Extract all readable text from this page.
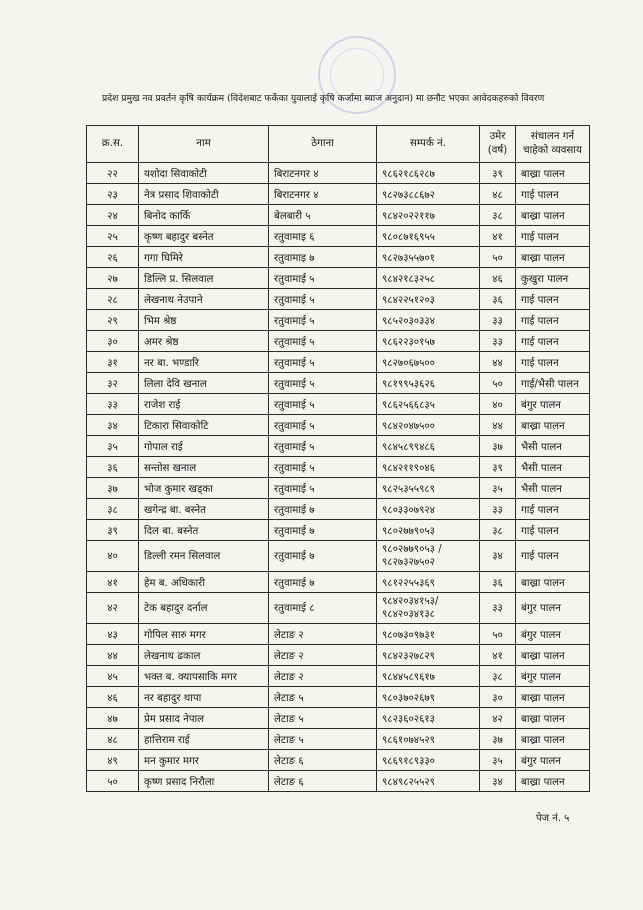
प्रदेश प्रमुख नव प्रवर्तन कृषि कार्यक्रम (विदेशबाट फर्केका युवालाई कृषि कर्जामा ब्याज अनुदान) मा छनौट भएका आवेदकहरुको विवरण
क्र.स.	नाम	ठेगाना	सम्पर्क नं.	उमेर (वर्ष)	संचालन गर्न चाहेको व्यवसाय
२२	यशोदा सिवाकोटी	बिराटनगर ४	९८६२१८६२८७	३९	बाख्रा पालन
२३	नेत्र प्रसाद शिवाकोटी	बिराटनगर ४	९८२७३८८६७२	४८	गाई पालन
२४	बिनोद कार्कि	बेलबारी ५	९८४२०२२११७	३८	बाख्रा पालन
२५	कृष्ण बहादुर बस्नेत	रतुवामाइ ६	९८०८७१६९५५	४१	गाई पालन
२६	गगा घिमिरे	रतुवामाइ ७	९८२७३५५७०१	५०	बाख्रा पालन
२७	डिल्लि प्र. सिलवाल	रतुवामाई ५	९८४२१८३२५८	४६	कुखुरा पालन
२८	लेखनाथ नेउपाने	रतुवामाई ५	९८४२२५१२०३	३६	गाई पालन
२९	भिम श्रेष्ठ	रतुवामाई ५	९८५२०३०३३४	३३	गाई पालन
३०	अमर श्रेष्ठ	रतुवामाई ५	९८६२२३०१५७	३३	गाई पालन
३१	नर बा. भण्डारि	रतुवामाई ५	९८२७०६७५००	४४	गाई पालन
३२	लिला देवि खनाल	रतुवामाई ५	९८१९९५३६२६	५०	गाई/भैसी पालन
३३	राजेश राई	रतुवामाई ५	९८६२५६६८३५	४०	बंगुर पालन
३४	टिकारा सिवाकोटि	रतुवामाई ५	९८४२०४७५००	४४	बाख्रा पालन
३५	गोपाल राई	रतुवामाई ५	९८४५८९९४८६	३७	भैसी पालन
३६	सन्तोस खनाल	रतुवामाई ५	९८४२११९०४६	३९	भैसी पालन
३७	भोज कुमार खड्का	रतुवामाई ५	९८२५३५५९८९	३५	भैसी पालन
३८	खगेन्द्र बा. बस्नेत	रतुवामाई ७	९८०३३०७९२४	३३	गाई पालन
३९	दिल बा. बस्नेत	रतुवामाई ७	९८०२७७९०५३	३८	गाई पालन
४०	डिल्ली रमन सिलवाल	रतुवामाई ७	९८०२७७९०५३ /९८२७३२७५०२	३४	गाई पालन
४१	हेम ब. अधिकारी	रतुवामाई ७	९८१२२५५३६९	३६	बाख्रा पालन
४२	टेक बहादुर दर्नाल	रतुवामाई ८	९८४२०३४१५३/ ९८४२०३४१३८	३३	बंगुर पालन
४३	गोपिल सारु मगर	लेटाङ २	९८०७३०९७३१	५०	बंगुर पालन
४४	लेखनाथ ढकाल	लेटाङ २	९८४२३२७८२९	४१	बाख्रा पालन
४५	भक्त ब. क्यापसाकि मगर	लेटाङ २	९८४४५८९६१७	३८	बंगुर पालन
४६	नर बहादुर थापा	लेटाङ ५	९८०३७०२६७९	३०	बाख्रा पालन
४७	प्रेम प्रसाद नेपाल	लेटाङ ५	९८२३६०२६१३	४२	बाख्रा पालन
४८	हात्तिराम राई	लेटाङ ५	९८६१०७४५२९	३७	बाख्रा पालन
४९	मन कुमार मगर	लेटाङ ६	९८६९१८९३३०	३५	बंगुर पालन
५०	कृष्ण प्रसाद निरौला	लेटाङ ६	९८४९८२५५२९	३४	बाख्रा पालन
पेज नं. ५
